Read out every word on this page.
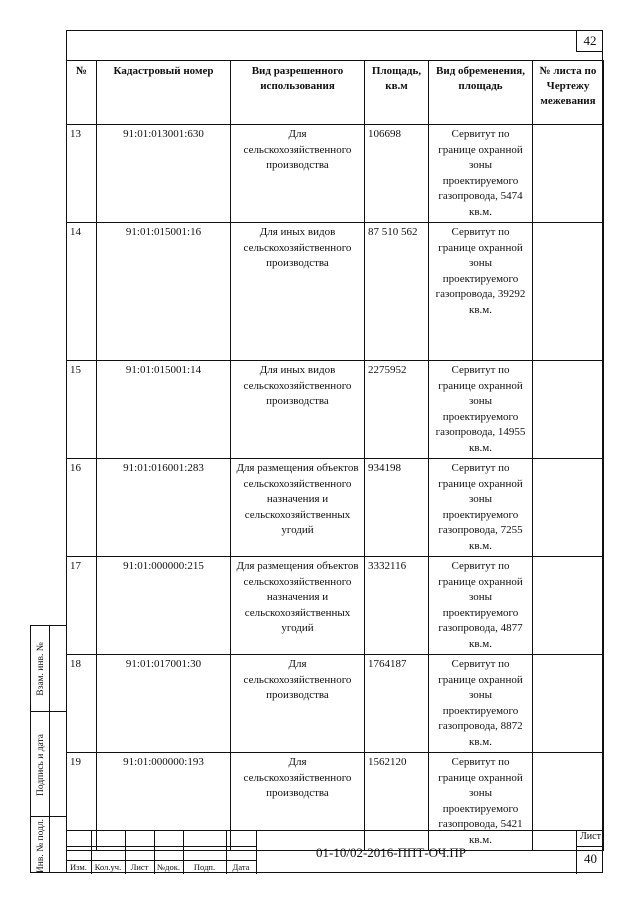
42
№	Кадастровый номер	Вид разрешенного использования	Площадь, кв.м	Вид обременения, площадь	№ листа по Чертежу межевания
13	91:01:013001:630	Для сельскохозяйственного производства	106698	Сервитут по границе охранной зоны проектируемого газопровода, 5474 кв.м.	
14	91:01:015001:16	Для иных видов сельскохозяйственного производства	87 510 562	Сервитут по границе охранной зоны проектируемого газопровода, 39292 кв.м.	
15	91:01:015001:14	Для иных видов сельскохозяйственного производства	2275952	Сервитут по границе охранной зоны проектируемого газопровода, 14955 кв.м.	
16	91:01:016001:283	Для размещения объектов сельскохозяйственного назначения и сельскохозяйственных угодий	934198	Сервитут по границе охранной зоны проектируемого газопровода, 7255 кв.м.	
17	91:01:000000:215	Для размещения объектов сельскохозяйственного назначения и сельскохозяйственных угодий	3332116	Сервитут по границе охранной зоны проектируемого газопровода, 4877 кв.м.	
18	91:01:017001:30	Для сельскохозяйственного производства	1764187	Сервитут по границе охранной зоны проектируемого газопровода, 8872 кв.м.	
19	91:01:000000:193	Для сельскохозяйственного производства	1562120	Сервитут по границе охранной зоны проектируемого газопровода, 5421 кв.м.	
Взам. инв. №
Подпись и дата
Инв. № подл.	Изм. Кол.уч.	Лист	№док.	Подп.	Дата
01-10/02-2016-ППТ-ОЧ.ПР
Лист
40
